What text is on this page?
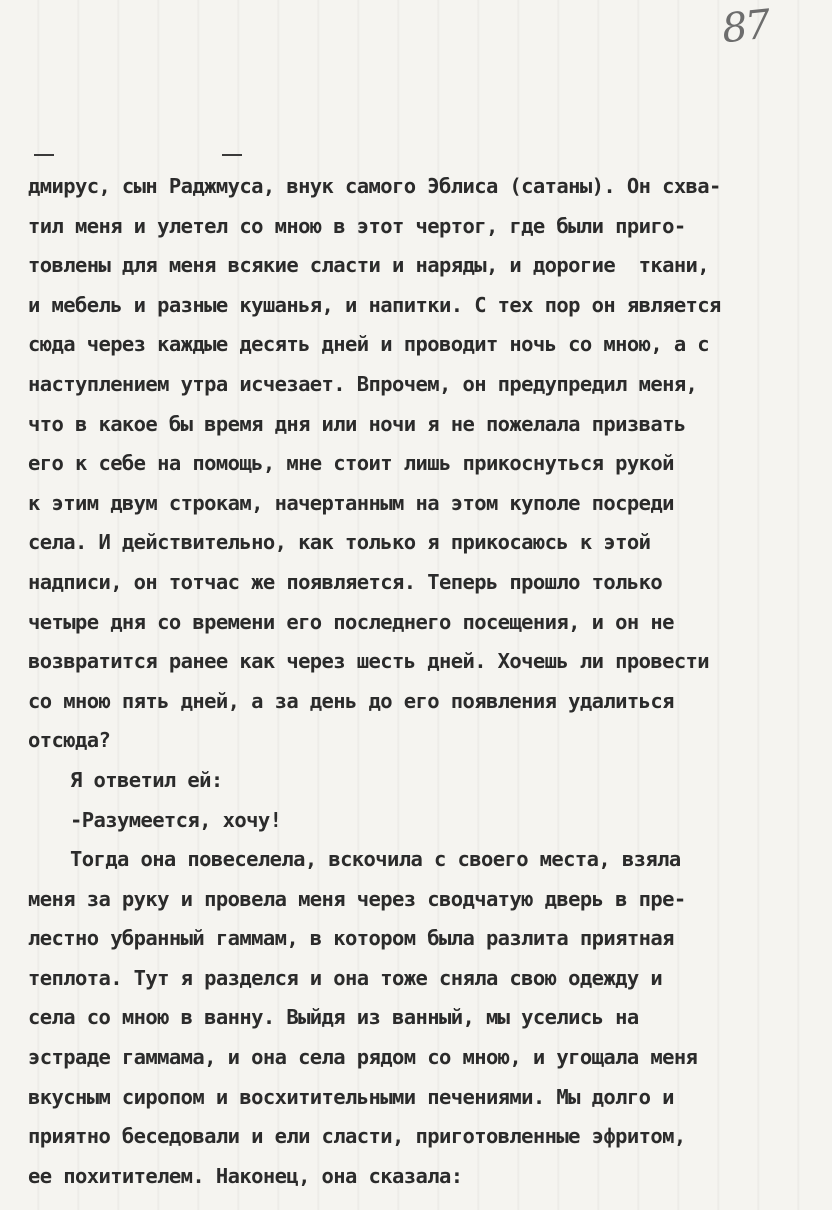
87
дмирус, сын Раджмуса, внук самого Эблиса (сатаны). Он схва-
тил меня и улетел со мною в этот чертог, где были приго-
товлены для меня всякие сласти и наряды, и дорогие  ткани,
и мебель и разные кушанья, и напитки. С тех пор он является
сюда через каждые десять дней и проводит ночь со мною, а с
наступлением утра исчезает. Впрочем, он предупредил меня,
что в какое бы время дня или ночи я не пожелала призвать
его к себе на помощь, мне стоит лишь прикоснуться рукой
к этим двум строкам, начертанным на этом куполе посреди
села. И действительно, как только я прикосаюсь к этой
надписи, он тотчас же появляется. Теперь прошло только
четыре дня со времени его последнего посещения, и он не
возвратится ранее как через шесть дней. Хочешь ли провести
со мною пять дней, а за день до его появления удалиться
отсюда?
Я ответил ей:
-Разумеется, хочу!
Тогда она повеселела, вскочила с своего места, взяла
меня за руку и провела меня через сводчатую дверь в пре-
лестно убранный гаммам, в котором была разлита приятная
теплота. Тут я разделся и она тоже сняла свою одежду и
села со мною в ванну. Выйдя из ванный, мы уселись на
эстраде гаммама, и она села рядом со мною, и угощала меня
вкусным сиропом и восхитительными печениями. Мы долго и
приятно беседовали и ели сласти, приготовленные эфритом,
ее похитителем. Наконец, она сказала:
